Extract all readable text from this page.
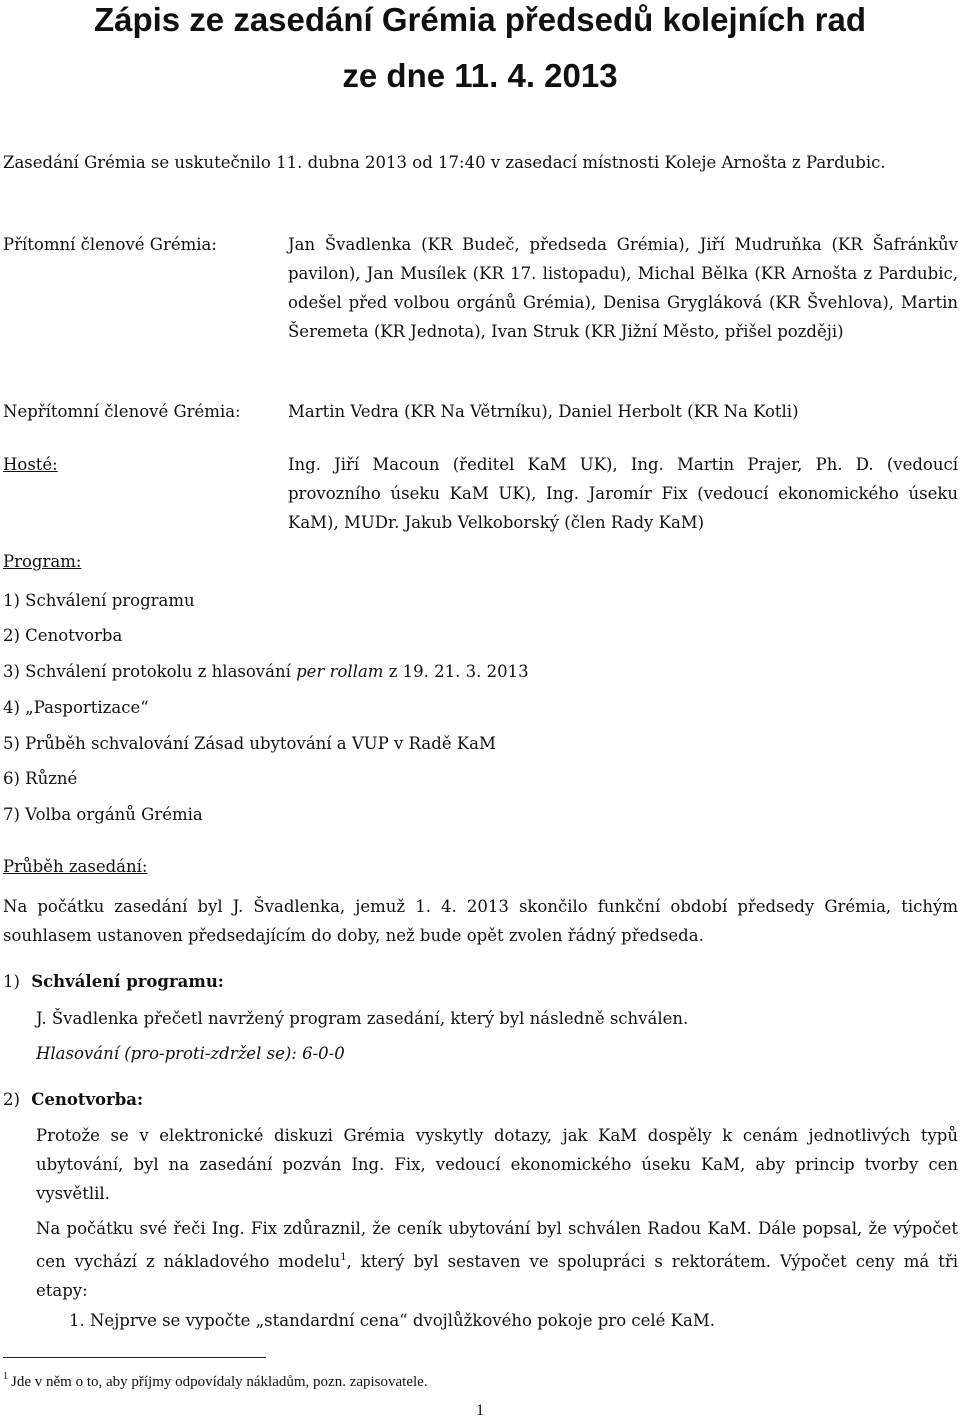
Zápis ze zasedání Grémia předsedů kolejních rad
ze dne 11. 4. 2013
Zasedání Grémia se uskutečnilo 11. dubna 2013 od 17:40 v zasedací místnosti Koleje Arnošta z Pardubic.
Přítomní členové Grémia:	Jan Švadlenka (KR Budeč, předseda Grémia), Jiří Mudruňka (KR Šafránkův pavilon), Jan Musílek (KR 17. listopadu), Michal Bělka (KR Arnošta z Pardubic, odešel před volbou orgánů Grémia), Denisa Grygláková (KR Švehlova), Martin Šeremeta (KR Jednota), Ivan Struk (KR Jižní Město, přišel později)
Nepřítomní členové Grémia:	Martin Vedra (KR Na Větrníku), Daniel Herbolt (KR Na Kotli)
Hosté:	Ing. Jiří Macoun (ředitel KaM UK), Ing. Martin Prajer, Ph. D. (vedoucí provozního úseku KaM UK), Ing. Jaromír Fix (vedoucí ekonomického úseku KaM), MUDr. Jakub Velkoborský (člen Rady KaM)
Program:
1) Schválení programu
2) Cenotvorba
3) Schválení protokolu z hlasování per rollam z 19. 21. 3. 2013
4) „Pasportizace“
5) Průběh schvalování Zásad ubytování a VUP v Radě KaM
6) Různé
7) Volba orgánů Grémia
Průběh zasedání:
Na počátku zasedání byl J. Švadlenka, jemuž 1. 4. 2013 skončilo funkční období předsedy Grémia, tichým souhlasem ustanoven předsedajícím do doby, než bude opět zvolen řádný předseda.
1) Schválení programu:
J. Švadlenka přečetl navržený program zasedání, který byl následně schválen.
Hlasování (pro-proti-zdržel se): 6-0-0
2) Cenotvorba:
Protože se v elektronické diskuzi Grémia vyskytly dotazy, jak KaM dospěly k cenám jednotlivých typů ubytování, byl na zasedání pozván Ing. Fix, vedoucí ekonomického úseku KaM, aby princip tvorby cen vysvětlil.
Na počátku své řeči Ing. Fix zdůraznil, že ceník ubytování byl schválen Radou KaM. Dále popsal, že výpočet cen vychází z nákladového modelu$^1$, který byl sestaven ve spolupráci s rektorátem. Výpočet ceny má tři etapy:
1. Nejprve se vypočte „standardní cena“ dvojlůžkového pokoje pro celé KaM.
$^1$ Jde v něm o to, aby příjmy odpovídaly nákladům, pozn. zapisovatele.
1
